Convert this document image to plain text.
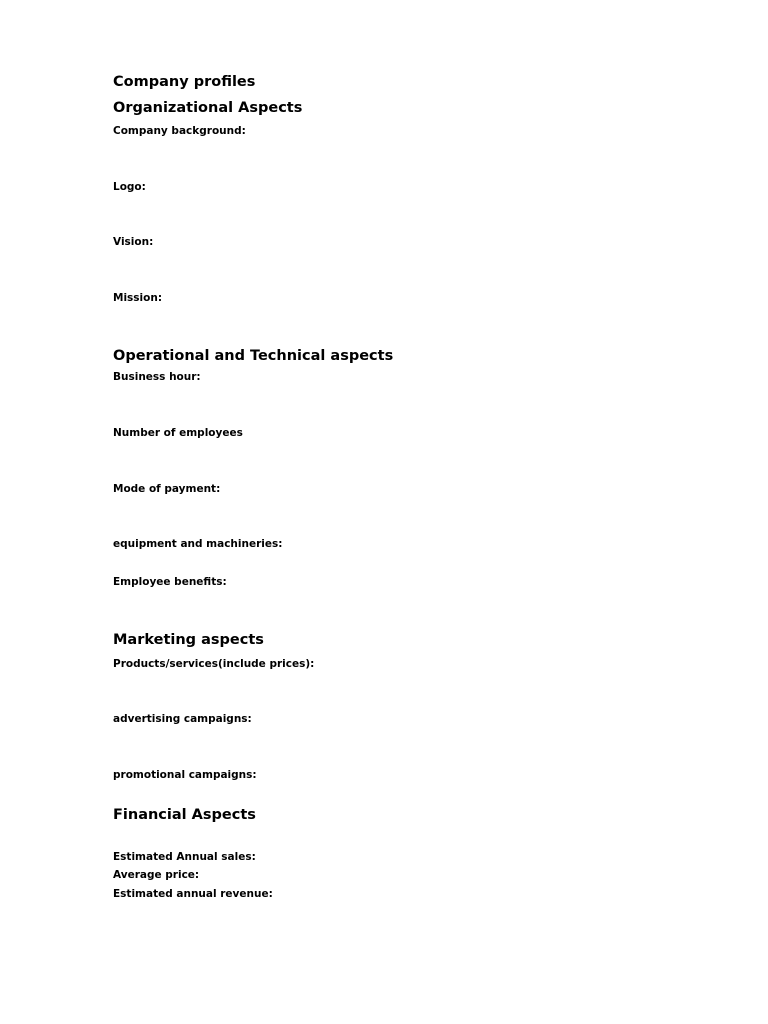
Company profiles
Organizational Aspects
Company background:
Logo:
Vision:
Mission:
Operational and Technical aspects
Business hour:
Number of employees
Mode of payment:
equipment and machineries:
Employee benefits:
Marketing aspects
Products/services(include prices):
advertising campaigns:
promotional campaigns:
Financial Aspects
Estimated Annual sales:
Average price:
Estimated annual revenue:
